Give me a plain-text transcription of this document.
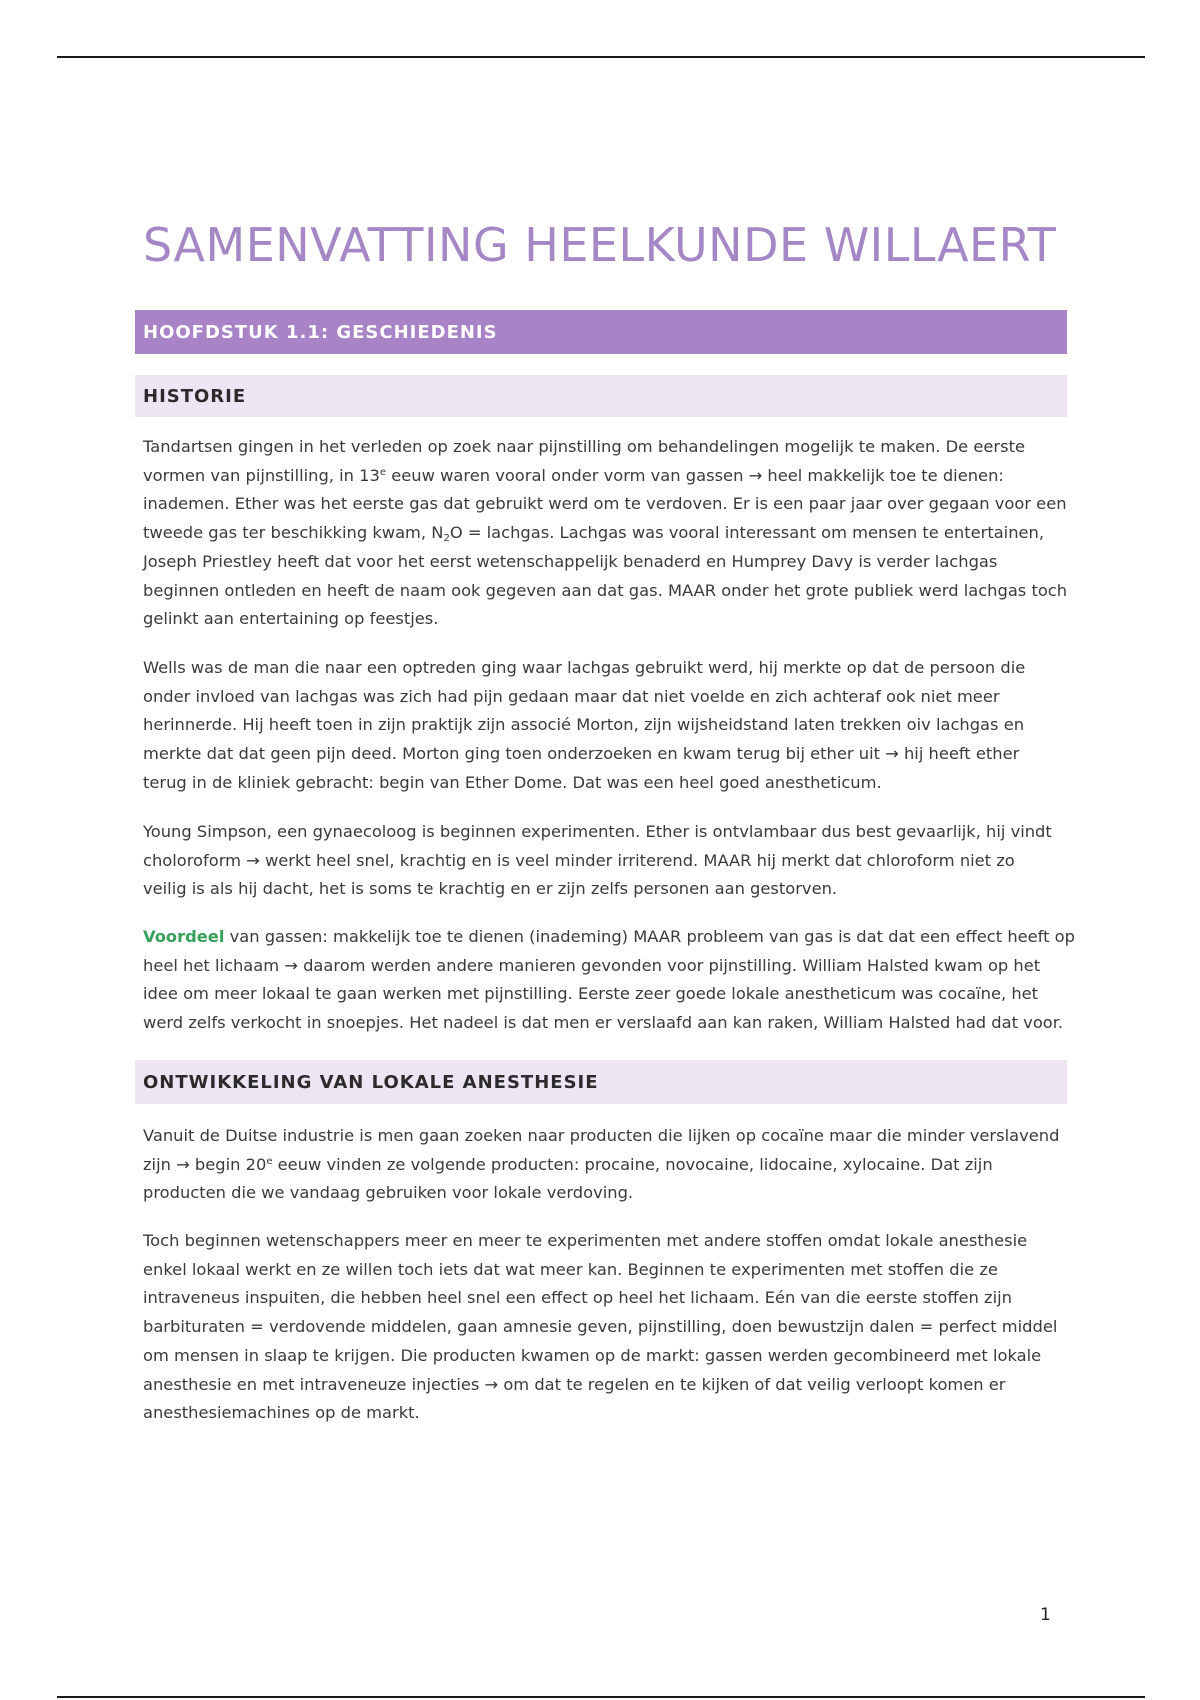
SAMENVATTING HEELKUNDE WILLAERT
HOOFDSTUK 1.1: GESCHIEDENIS
HISTORIE

Tandartsen gingen in het verleden op zoek naar pijnstilling om behandelingen mogelijk te maken. De eerste
vormen van pijnstilling, in 13e eeuw waren vooral onder vorm van gassen → heel makkelijk toe te dienen:
inademen. Ether was het eerste gas dat gebruikt werd om te verdoven. Er is een paar jaar over gegaan voor een
tweede gas ter beschikking kwam, $N_2O$ = lachgas. Lachgas was vooral interessant om mensen te entertainen,
Joseph Priestley heeft dat voor het eerst wetenschappelijk benaderd en Humprey Davy is verder lachgas
beginnen ontleden en heeft de naam ook gegeven aan dat gas. MAAR onder het grote publiek werd lachgas toch
gelinkt aan entertaining op feestjes.

Wells was de man die naar een optreden ging waar lachgas gebruikt werd, hij merkte op dat de persoon die
onder invloed van lachgas was zich had pijn gedaan maar dat niet voelde en zich achteraf ook niet meer
herinnerde. Hij heeft toen in zijn praktijk zijn associé Morton, zijn wijsheidstand laten trekken oiv lachgas en
merkte dat dat geen pijn deed. Morton ging toen onderzoeken en kwam terug bij ether uit → hij heeft ether
terug in de kliniek gebracht: begin van Ether Dome. Dat was een heel goed anestheticum.

Young Simpson, een gynaecoloog is beginnen experimenten. Ether is ontvlambaar dus best gevaarlijk, hij vindt
choloroform → werkt heel snel, krachtig en is veel minder irriterend. MAAR hij merkt dat chloroform niet zo
veilig is als hij dacht, het is soms te krachtig en er zijn zelfs personen aan gestorven.

Voordeel van gassen: makkelijk toe te dienen (inademing) MAAR probleem van gas is dat dat een effect heeft op
heel het lichaam → daarom werden andere manieren gevonden voor pijnstilling. William Halsted kwam op het
idee om meer lokaal te gaan werken met pijnstilling. Eerste zeer goede lokale anestheticum was cocaïne, het
werd zelfs verkocht in snoepjes. Het nadeel is dat men er verslaafd aan kan raken, William Halsted had dat voor.

ONTWIKKELING VAN LOKALE ANESTHESIE

Vanuit de Duitse industrie is men gaan zoeken naar producten die lijken op cocaïne maar die minder verslavend
zijn → begin 20e eeuw vinden ze volgende producten: procaine, novocaine, lidocaine, xylocaine. Dat zijn
producten die we vandaag gebruiken voor lokale verdoving.

Toch beginnen wetenschappers meer en meer te experimenten met andere stoffen omdat lokale anesthesie
enkel lokaal werkt en ze willen toch iets dat wat meer kan. Beginnen te experimenten met stoffen die ze
intraveneus inspuiten, die hebben heel snel een effect op heel het lichaam. Eén van die eerste stoffen zijn
barbituraten = verdovende middelen, gaan amnesie geven, pijnstilling, doen bewustzijn dalen = perfect middel
om mensen in slaap te krijgen. Die producten kwamen op de markt: gassen werden gecombineerd met lokale
anesthesie en met intraveneuze injecties → om dat te regelen en te kijken of dat veilig verloopt komen er
anesthesiemachines op de markt.

1
